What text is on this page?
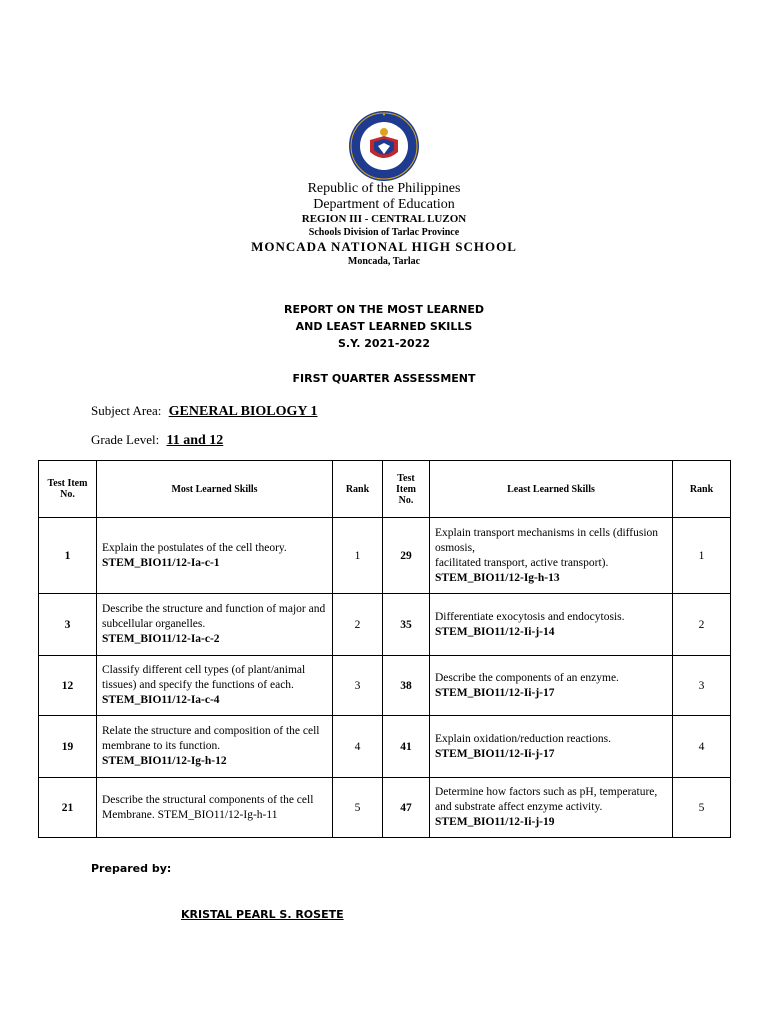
Republic of the Philippines
Department of Education
REGION III - CENTRAL LUZON
Schools Division of Tarlac Province
MONCADA NATIONAL HIGH SCHOOL
Moncada, Tarlac
REPORT ON THE MOST LEARNED
AND LEAST LEARNED SKILLS
S.Y. 2021-2022
FIRST QUARTER ASSESSMENT
Subject Area: GENERAL BIOLOGY 1
Grade Level: 11 and 12
Test Item No.	Most Learned Skills	Rank	Test Item No.	Least Learned Skills	Rank
1	Explain the postulates of the cell theory.
STEM_BIO11/12-Ia-c-1	1	29	Explain transport mechanisms in cells (diffusion
osmosis,
facilitated transport, active transport).
STEM_BIO11/12-Ig-h-13	1
3	Describe the structure and function of major and
subcellular organelles.
STEM_BIO11/12-Ia-c-2	2	35	Differentiate exocytosis and endocytosis.
STEM_BIO11/12-Ii-j-14	2
12	Classify different cell types (of plant/animal
tissues) and specify the functions of each.
STEM_BIO11/12-Ia-c-4	3	38	Describe the components of an enzyme.
STEM_BIO11/12-Ii-j-17	3
19	Relate the structure and composition of the cell
membrane to its function.
STEM_BIO11/12-Ig-h-12	4	41	Explain oxidation/reduction reactions.
STEM_BIO11/12-Ii-j-17	4
21	Describe the structural components of the cell
Membrane. STEM_BIO11/12-Ig-h-11	5	47	Determine how factors such as pH, temperature,
and substrate affect enzyme activity.
STEM_BIO11/12-Ii-j-19	5
Prepared by:
KRISTAL PEARL S. ROSETE
